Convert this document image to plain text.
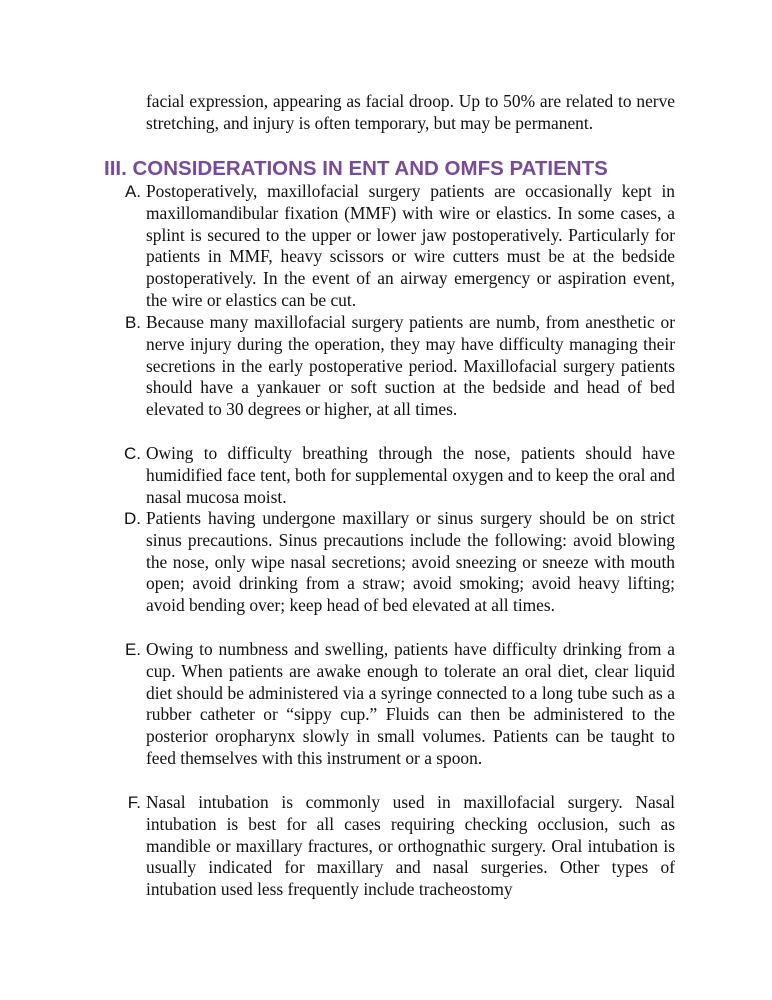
facial expression, appearing as facial droop. Up to 50% are related to nerve stretching, and injury is often temporary, but may be permanent.

III. CONSIDERATIONS IN ENT AND OMFS PATIENTS
A. Postoperatively, maxillofacial surgery patients are occasionally kept in maxillomandibular fixation (MMF) with wire or elastics. In some cases, a splint is secured to the upper or lower jaw postoperatively. Particularly for patients in MMF, heavy scissors or wire cutters must be at the bedside postoperatively. In the event of an airway emergency or aspiration event, the wire or elastics can be cut.

B. Because many maxillofacial surgery patients are numb, from anesthetic or nerve injury during the operation, they may have difficulty managing their secretions in the early postoperative period. Maxillofacial surgery patients should have a yankauer or soft suction at the bedside and head of bed elevated to 30 degrees or higher, at all times.

C. Owing to difficulty breathing through the nose, patients should have humidified face tent, both for supplemental oxygen and to keep the oral and nasal mucosa moist.

D. Patients having undergone maxillary or sinus surgery should be on strict sinus precautions. Sinus precautions include the following: avoid blowing the nose, only wipe nasal secretions; avoid sneezing or sneeze with mouth open; avoid drinking from a straw; avoid smoking; avoid heavy lifting; avoid bending over; keep head of bed elevated at all times.

E. Owing to numbness and swelling, patients have difficulty drinking from a cup. When patients are awake enough to tolerate an oral diet, clear liquid diet should be administered via a syringe connected to a long tube such as a rubber catheter or “sippy cup.” Fluids can then be administered to the posterior oropharynx slowly in small volumes. Patients can be taught to feed themselves with this instrument or a spoon.

F. Nasal intubation is commonly used in maxillofacial surgery. Nasal intubation is best for all cases requiring checking occlusion, such as mandible or maxillary fractures, or orthognathic surgery. Oral intubation is usually indicated for maxillary and nasal surgeries. Other types of intubation used less frequently include tracheostomy
